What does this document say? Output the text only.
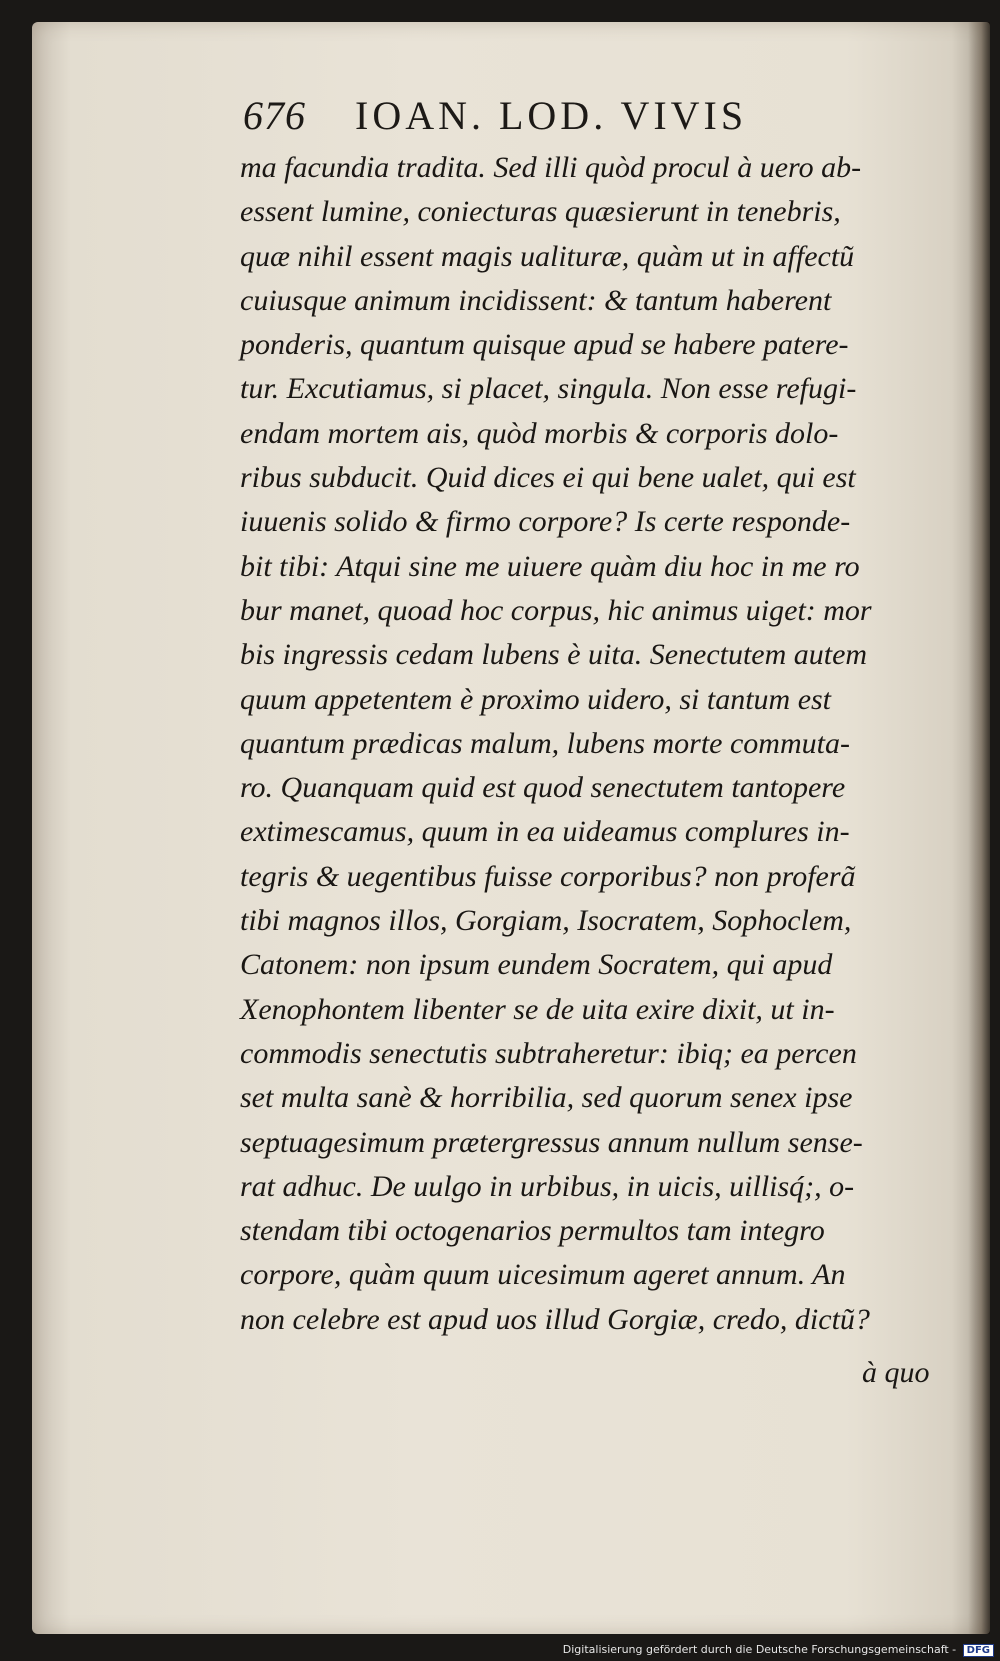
676 IOAN. LOD. VIVIS
ma facundia tradita. Sed illi quòd procul à uero ab-
essent lumine, coniecturas quæsierunt in tenebris,
quæ nihil essent magis ualituræ, quàm ut in affectũ
cuiusque animum incidissent: & tantum haberent
ponderis, quantum quisque apud se habere patere-
tur. Excutiamus, si placet, singula. Non esse refugi-
endam mortem ais, quòd morbis & corporis dolo-
ribus subducit. Quid dices ei qui bene ualet, qui est
iuuenis solido & firmo corpore? Is certe responde-
bit tibi: Atqui sine me uiuere quàm diu hoc in me ro
bur manet, quoad hoc corpus, hic animus uiget: mor
bis ingressis cedam lubens è uita. Senectutem autem
quum appetentem è proximo uidero, si tantum est
quantum prædicas malum, lubens morte commuta-
ro. Quanquam quid est quod senectutem tantopere
extimescamus, quum in ea uideamus complures in-
tegris & uegentibus fuisse corporibus? non proferã
tibi magnos illos, Gorgiam, Isocratem, Sophoclem,
Catonem: non ipsum eundem Socratem, qui apud
Xenophontem libenter se de uita exire dixit, ut in-
commodis senectutis subtraheretur: ibiq; ea percen
set multa sanè & horribilia, sed quorum senex ipse
septuagesimum prætergressus annum nullum sense-
rat adhuc. De uulgo in urbibus, in uicis, uillisq́;, o-
stendam tibi octogenarios permultos tam integro
corpore, quàm quum uicesimum ageret annum. An
non celebre est apud uos illud Gorgiæ, credo, dictũ?
à quo
Digitalisierung gefördert durch die Deutsche Forschungsgemeinschaft - DFG
